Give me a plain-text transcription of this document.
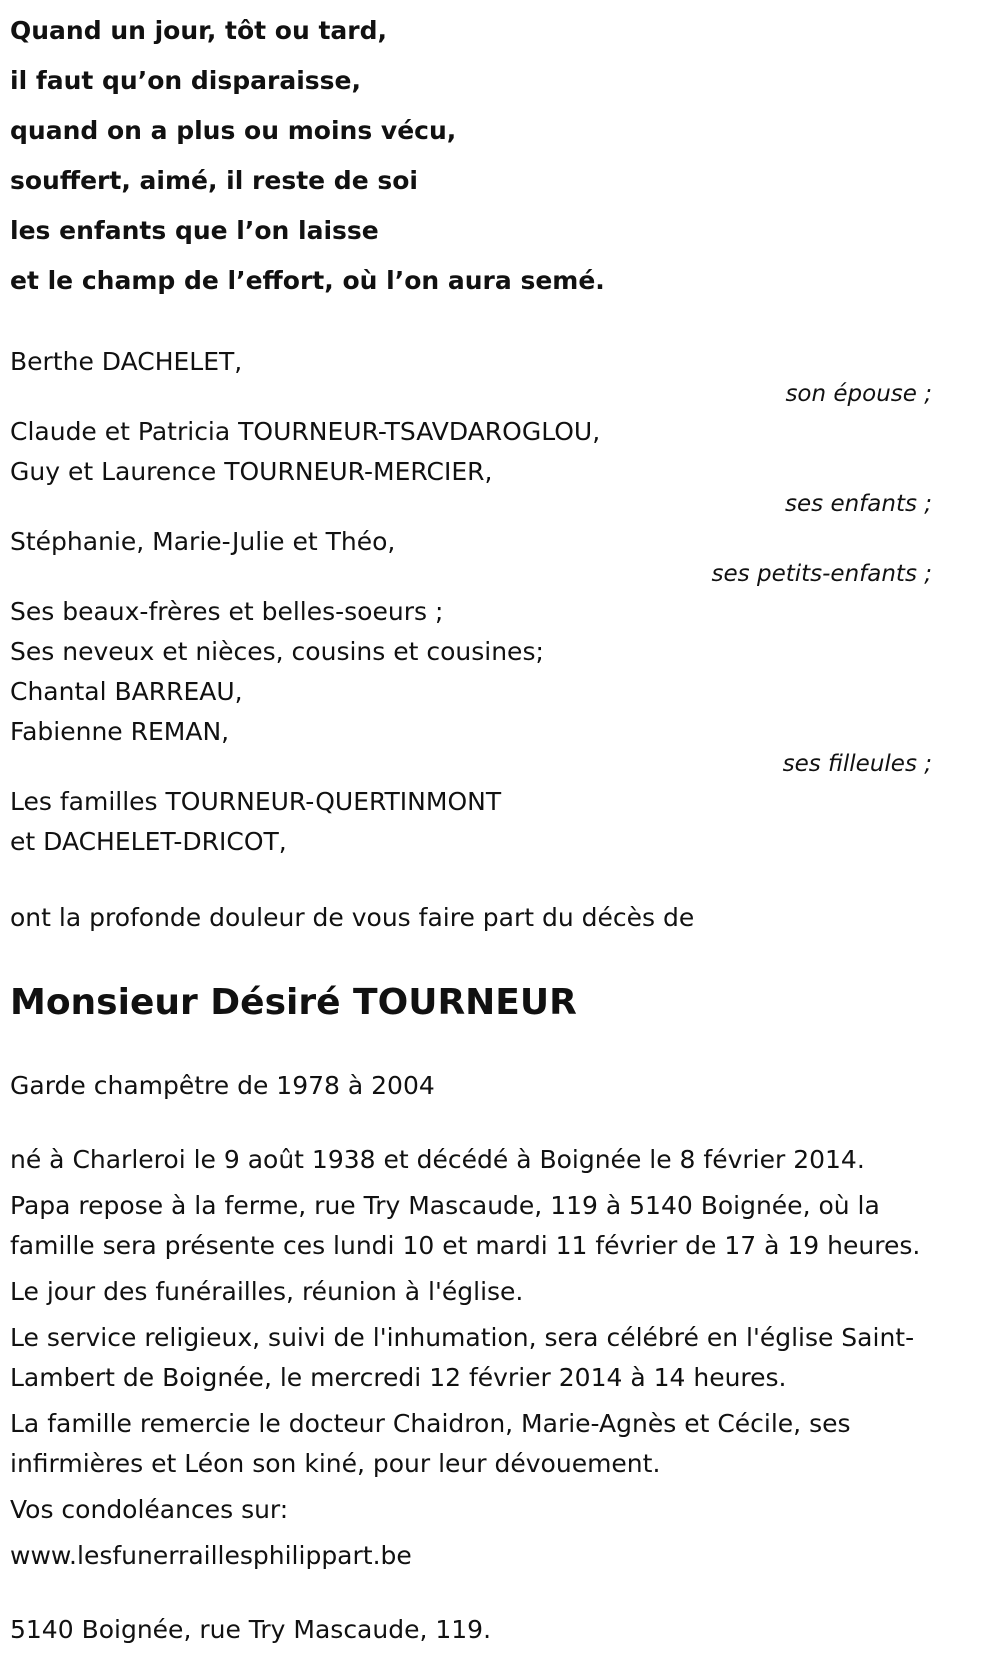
Quand un jour, tôt ou tard,
il faut qu’on disparaisse,
quand on a plus ou moins vécu,
souffert, aimé, il reste de soi
les enfants que l’on laisse
et le champ de l’effort, où l’on aura semé.
Berthe DACHELET,
son épouse ;
Claude et Patricia TOURNEUR-TSAVDAROGLOU,
Guy et Laurence TOURNEUR-MERCIER,
ses enfants ;
Stéphanie, Marie-Julie et Théo,
ses petits-enfants ;
Ses beaux-frères et belles-soeurs ;
Ses neveux et nièces, cousins et cousines;
Chantal BARREAU,
Fabienne REMAN,
ses filleules ;
Les familles TOURNEUR-QUERTINMONT
et DACHELET-DRICOT,
ont la profonde douleur de vous faire part du décès de
Monsieur Désiré TOURNEUR
Garde champêtre de 1978 à 2004
né à Charleroi le 9 août 1938 et décédé à Boignée le 8 février 2014.
Papa repose à la ferme, rue Try Mascaude, 119 à 5140 Boignée, où la famille sera présente ces lundi 10 et mardi 11 février de 17 à 19 heures.
Le jour des funérailles, réunion à l'église.
Le service religieux, suivi de l'inhumation, sera célébré en l'église Saint-Lambert de Boignée, le mercredi 12 février 2014 à 14 heures.
La famille remercie le docteur Chaidron, Marie-Agnès et Cécile, ses infirmières et Léon son kiné, pour leur dévouement.
Vos condoléances sur:
www.lesfunerraillesphilippart.be
5140 Boignée, rue Try Mascaude, 119.
